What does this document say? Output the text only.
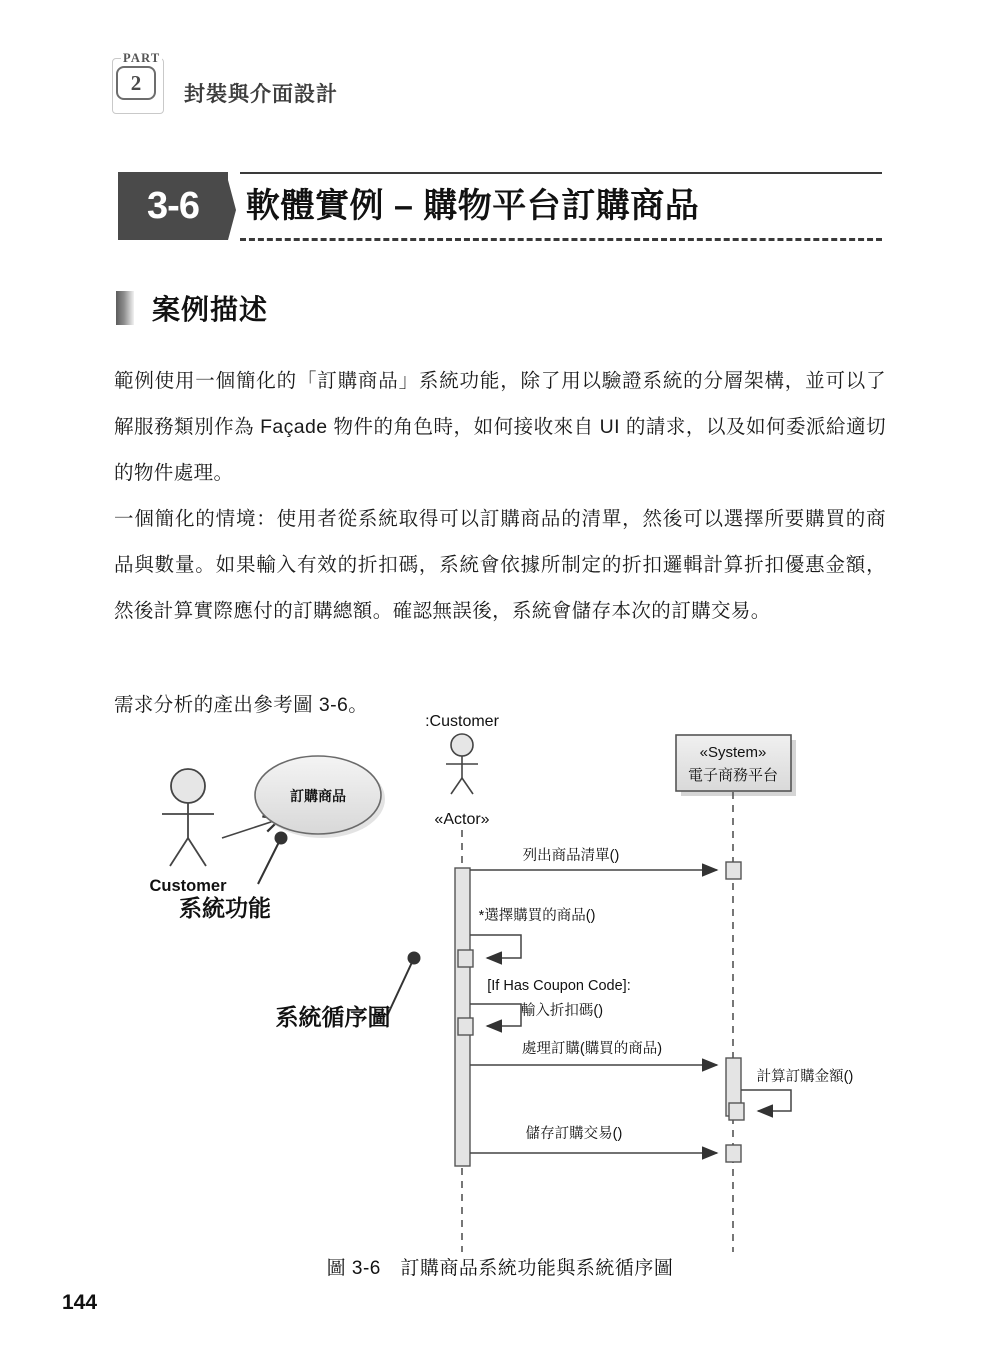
PART
2	封裝與介面設計
3-6	軟體實例 – 購物平台訂購商品
案例描述
範例使用一個簡化的「訂購商品」系統功能，除了用以驗證系統的分層架構，並可以了解服務類別作為 Façade 物件的角色時，如何接收來自 UI 的請求，以及如何委派給適切的物件處理。
一個簡化的情境：使用者從系統取得可以訂購商品的清單，然後可以選擇所要購買的商品與數量。如果輸入有效的折扣碼，系統會依據所制定的折扣邏輯計算折扣優惠金額，然後計算實際應付的訂購總額。確認無誤後，系統會儲存本次的訂購交易。
需求分析的產出參考圖 3-6。
Customer
訂購商品
系統功能
系統循序圖
:Customer
«Actor»
«System»
電子商務平台
列出商品清單()
*選擇購買的商品()
[If Has Coupon Code]:
輸入折扣碼()
處理訂購(購買的商品)
計算訂購金額()
儲存訂購交易()
圖 3-6　訂購商品系統功能與系統循序圖
144
